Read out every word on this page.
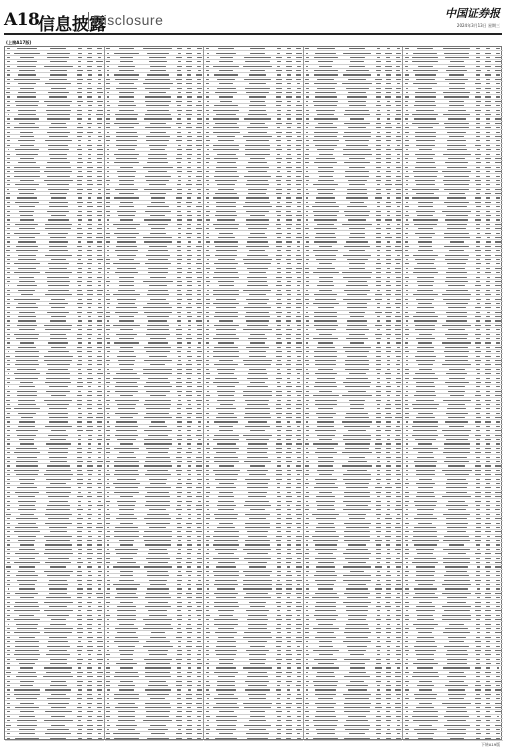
A18
信息披露
Disclosure	中国证券报
2024年3月13日 星期三
(上接A17版)
下转A19版
